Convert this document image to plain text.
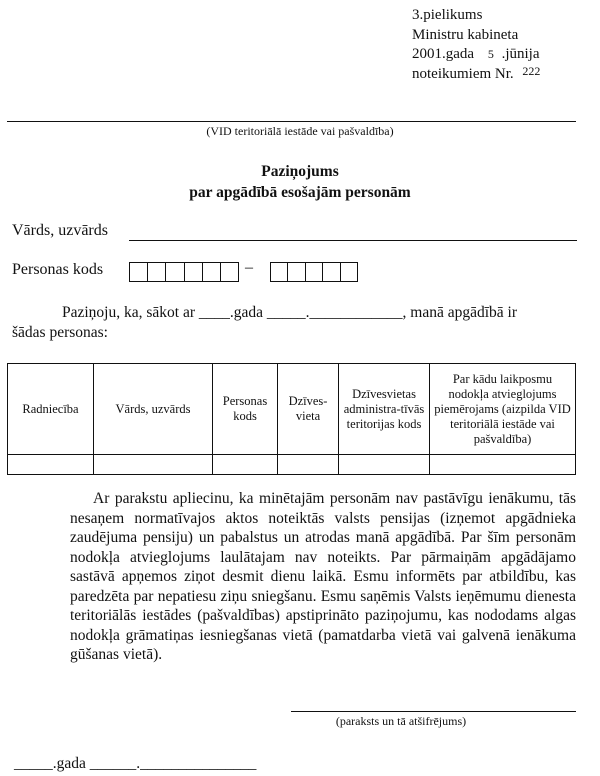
3.pielikums
Ministru kabineta
2001.gada 5 .jūnija
noteikumiem Nr. $^{222}$
(VID teritoriālā iestāde vai pašvaldība)
Paziņojums
par apgādībā esošajām personām
Vārds, uzvārds
Personas kods	–
Paziņoju, ka, sākot ar ____.gada _____.____________, manā apgādībā ir
šādas personas:
Radniecība	Vārds, uzvārds	Personas kods	Dzīves-vieta	Dzīvesvietas administra-tīvās teritorijas kods	Par kādu laikposmu nodokļa atvieglojums piemērojams (aizpilda VID teritoriālā iestāde vai pašvaldība)

Ar parakstu apliecinu, ka minētajām personām nav pastāvīgu ienākumu, tās nesaņem normatīvajos aktos noteiktās valsts pensijas (izņemot apgādnieka zaudējuma pensiju) un pabalstus un atrodas manā apgādībā. Par šīm personām nodokļa atvieglojums laulātajam nav noteikts. Par pārmaiņām apgādājamo sastāvā apņemos ziņot desmit dienu laikā. Esmu informēts par atbildību, kas paredzēta par nepatiesu ziņu sniegšanu. Esmu saņēmis Valsts ieņēmumu dienesta teritoriālās iestādes (pašvaldības) apstiprināto paziņojumu, kas nododams algas nodokļa grāmatiņas iesniegšanas vietā (pamatdarba vietā vai galvenā ienākuma gūšanas vietā).
(paraksts un tā atšifrējums)
_____.gada ______._______________
